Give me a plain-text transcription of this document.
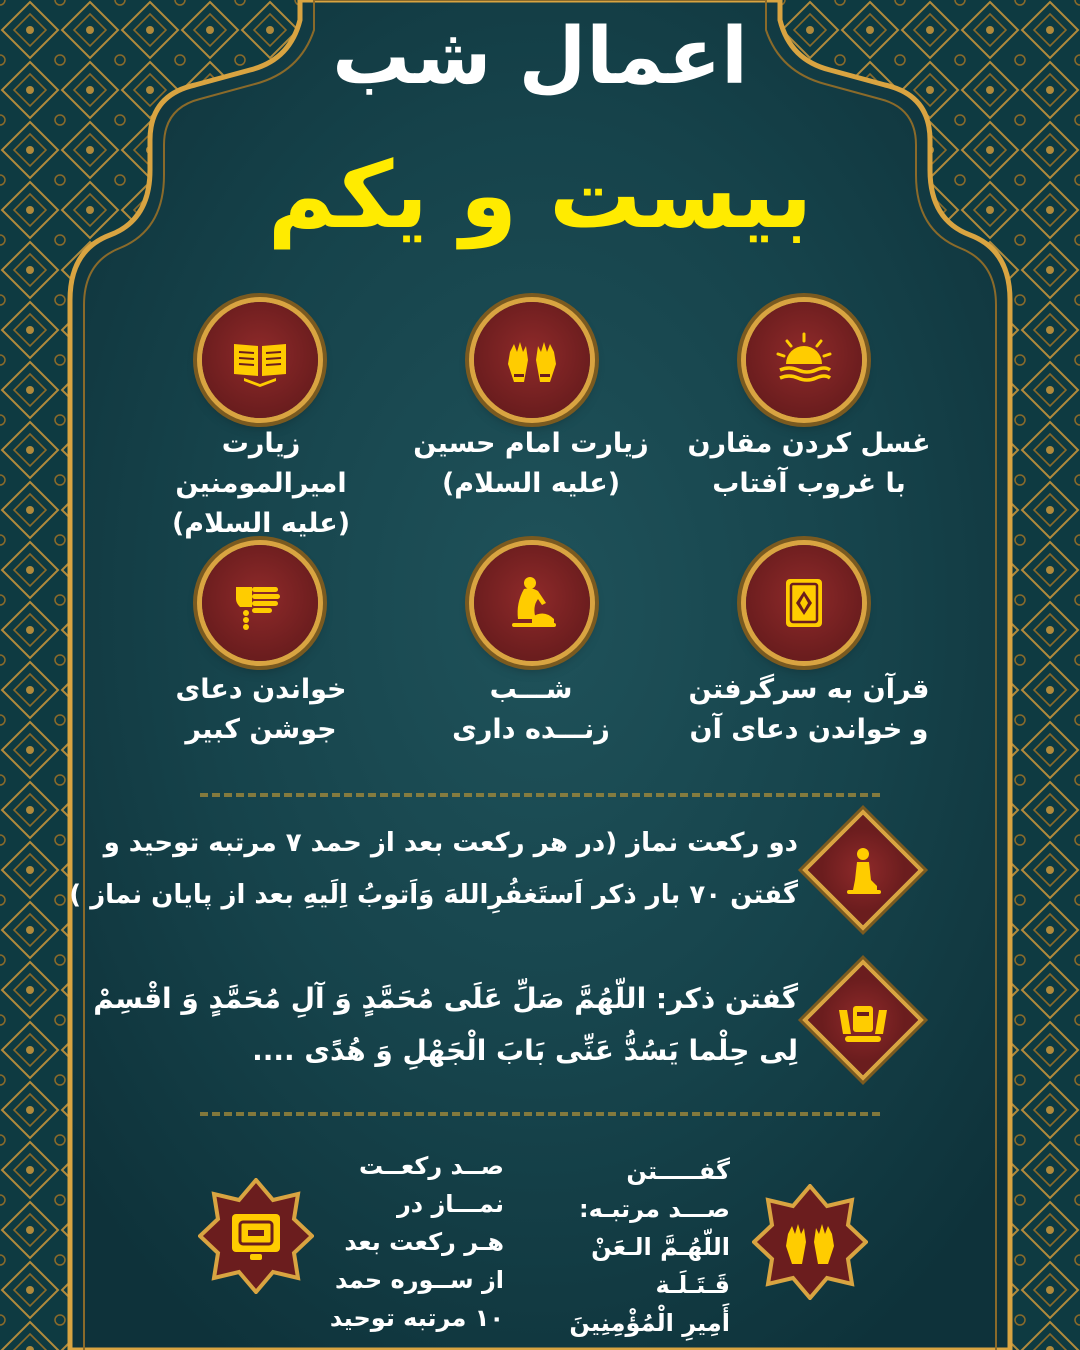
اعمال شب
بیست و یکم
غسل کردن مقارن
با غروب آفتاب
زیارت امام حسین
(علیه السلام)
زیارت امیرالمومنین
(علیه السلام)
قرآن به سرگرفتن
و خواندن دعای آن
شـــب
زنـــده داری
خواندن دعای
جوشن کبیر
دو رکعت نماز (در هر رکعت بعد از حمد ۷ مرتبه توحید و
گفتن ۷۰ بار ذکر اَستَغفُرِاللهَ وَاَتوبُ اِلَیهِ بعد از پایان نماز )
گفتن ذکر: اللّهُمَّ صَلِّ عَلَى مُحَمَّدٍ وَ آلِ مُحَمَّدٍ وَ اقْسِمْ
لِی حِلْما یَسُدُّ عَنِّی بَابَ الْجَهْلِ وَ هُدًى ....
گفـــــتن
صـــد مرتبـه:
اللّهُـمَّ الـعَنْ
قَـتَـلَـة
أَمِیرِ الْمُؤْمِنِینَ
صــد رکعــت
نمـــاز در
هـر رکعت بعد
از ســوره حمد
۱۰ مرتبه توحید
